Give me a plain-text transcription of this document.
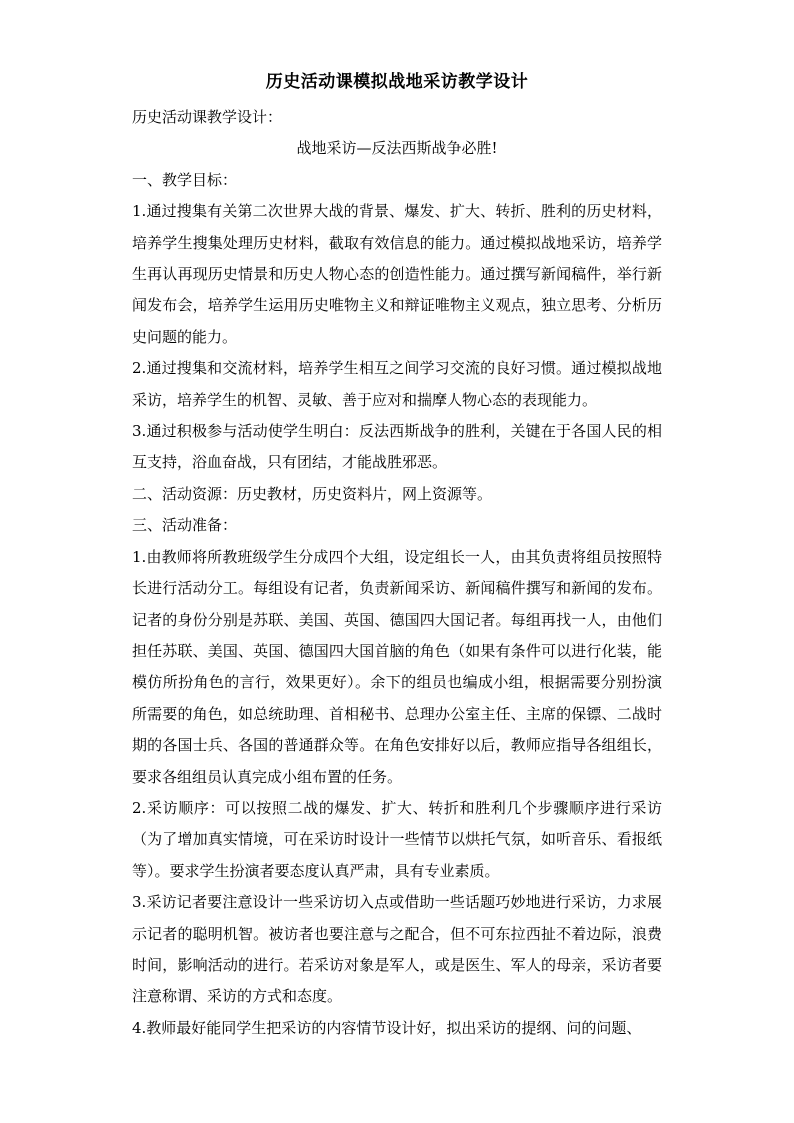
历史活动课模拟战地采访教学设计

历史活动课教学设计：

战地采访—反法西斯战争必胜!

一、教学目标：

1.通过搜集有关第二次世界大战的背景、爆发、扩大、转折、胜利的历史材料，培养学生搜集处理历史材料，截取有效信息的能力。通过模拟战地采访，培养学生再认再现历史情景和历史人物心态的创造性能力。通过撰写新闻稿件，举行新闻发布会，培养学生运用历史唯物主义和辩证唯物主义观点，独立思考、分析历史问题的能力。

2.通过搜集和交流材料，培养学生相互之间学习交流的良好习惯。通过模拟战地采访，培养学生的机智、灵敏、善于应对和揣摩人物心态的表现能力。

3.通过积极参与活动使学生明白：反法西斯战争的胜利，关键在于各国人民的相互支持，浴血奋战，只有团结，才能战胜邪恶。

二、活动资源：历史教材，历史资料片，网上资源等。

三、活动准备：

1.由教师将所教班级学生分成四个大组，设定组长一人，由其负责将组员按照特长进行活动分工。每组设有记者，负责新闻采访、新闻稿件撰写和新闻的发布。记者的身份分别是苏联、美国、英国、德国四大国记者。每组再找一人，由他们担任苏联、美国、英国、德国四大国首脑的角色（如果有条件可以进行化装，能模仿所扮角色的言行，效果更好）。余下的组员也编成小组，根据需要分别扮演所需要的角色，如总统助理、首相秘书、总理办公室主任、主席的保镖、二战时期的各国士兵、各国的普通群众等。在角色安排好以后，教师应指导各组组长，要求各组组员认真完成小组布置的任务。

2.采访顺序：可以按照二战的爆发、扩大、转折和胜利几个步骤顺序进行采访（为了增加真实情境，可在采访时设计一些情节以烘托气氛，如听音乐、看报纸等）。要求学生扮演者要态度认真严肃，具有专业素质。

3.采访记者要注意设计一些采访切入点或借助一些话题巧妙地进行采访，力求展示记者的聪明机智。被访者也要注意与之配合，但不可东拉西扯不着边际，浪费时间，影响活动的进行。若采访对象是军人，或是医生、军人的母亲，采访者要注意称谓、采访的方式和态度。

4.教师最好能同学生把采访的内容情节设计好，拟出采访的提纲、问的问题、
